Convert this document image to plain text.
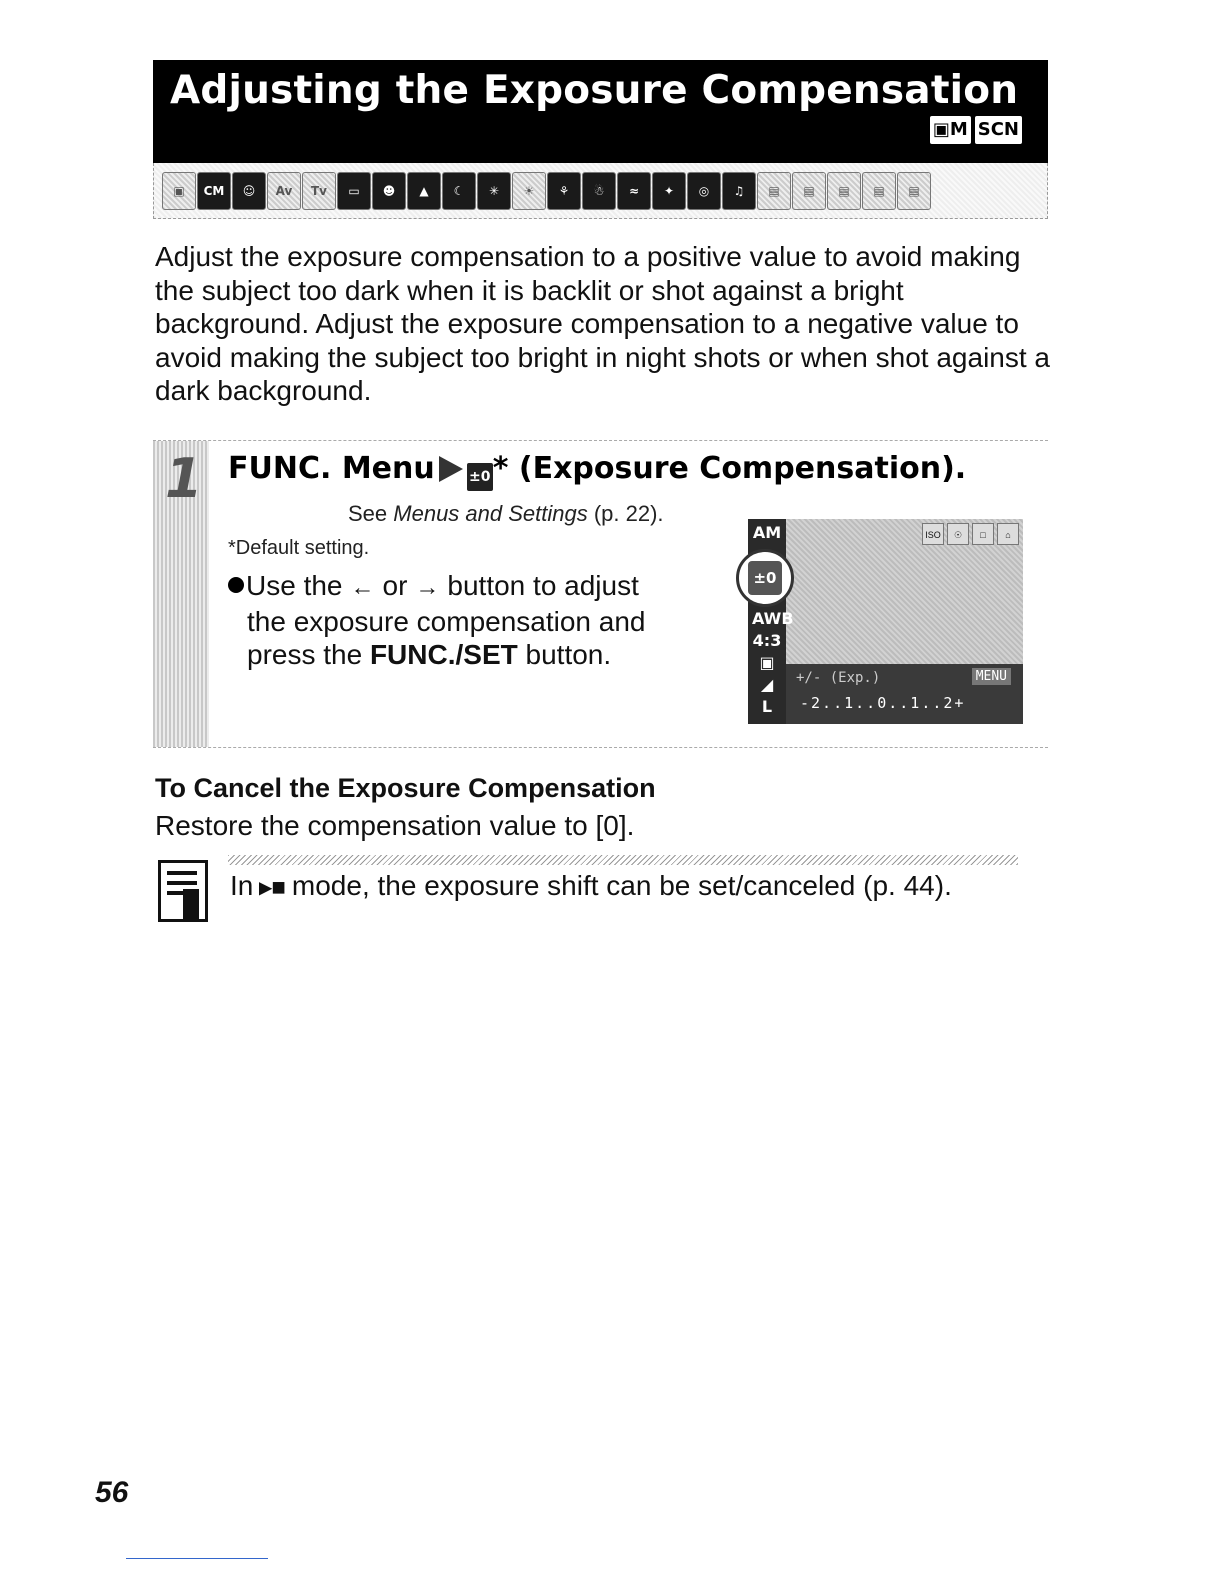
Adjusting the Exposure Compensation
▣M SCN
▣	CM	☺	Av	Tv	▭	☻	▲	☾	✳	☀	⚘	☃	≈	✦	◎	♫	▤	▤	▤	▤	▤
Adjust the exposure compensation to a positive value to avoid making the subject too dark when it is backlit or shot against a bright background. Adjust the exposure compensation to a negative value to avoid making the subject too bright in night shots or when shot against a dark background.
1 FUNC. Menu ±0* (Exposure Compensation).
See Menus and Settings (p. 22).
*Default setting.
Use the ← or → button to adjust
the exposure compensation and
press the FUNC./SET button.
AM
AWB
4:3
▣
◢
L
±0
ISO	☉	□	⌂
+/- (Exp.)	MENU
-2..1..0..1..2+
To Cancel the Exposure Compensation
Restore the compensation value to [0].
In ▸■ mode, the exposure shift can be set/canceled (p. 44).
56
